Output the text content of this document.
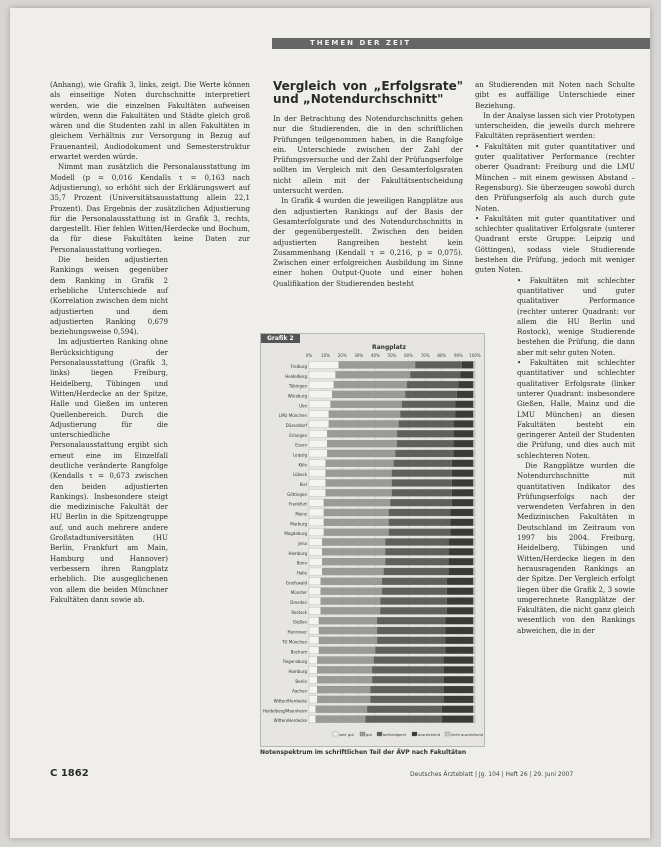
THEMEN DER ZEIT

(Anhang), wie Grafik 3, links, zeigt. Die Werte können als einseitige Noten durchschnitte interpretiert werden, wie die einzelnen Fakultäten aufweisen würden, wenn die Fakultäten und Städte gleich groß wären und die Studenten zahl in allen Fakultäten in gleichem Verhältnis zur Versorgung in Bezug auf Frauenanteil, Audiodokument und Semesterstruktur erwartet werden würde.

Nimmt man zusätzlich die Personalausstattung im Modell (p = 0,016 Kendalls τ = 0,163 nach Adjustierung), so erhöht sich der Erklärungswert auf 35,7 Prozent (Universitätsausstattung allein 22,1 Prozent). Das Ergebnis der zusätzlichen Adjustierung für die Personalausstattung ist in Grafik 3, rechts, dargestellt. Hier fehlen Witten/Herdecke und Bochum, da für diese Fakultäten keine Daten zur Personalausstattung vorliegen.

Die beiden adjustierten Rankings weisen gegenüber dem Ranking in Grafik 2 erhebliche Unterschiede auf (Korrelation zwischen dem nicht adjustierten und dem adjustierten Ranking 0,679 beziehungsweise 0,594).

Im adjustierten Ranking ohne Berücksichtigung der Personalausstattung (Grafik 3, links) liegen Freiburg, Heidelberg, Tübingen und Witten/Herdecke an der Spitze, Halle und Gießen im unteren Quellenbereich. Durch die Adjustierung für die unterschiedliche Personalausstattung ergibt sich erneut eine im Einzelfall deutliche veränderte Rangfolge (Kendalls τ = 0,673 zwischen den beiden adjustierten Rankings). Insbesondere steigt die medizinische Fakultät der HU Berlin in die Spitzengruppe auf, und auch mehrere andere Großstadtuniversitäten (HU Berlin, Frankfurt am Main, Hamburg und Hannover) verbessern ihren Rangplatz erheblich. Die ausgeglichenen von allem die beiden Münchner Fakultäten dann sowie ab.

Vergleich von „Erfolgsrate" und „Notendurchschnitt"

In der Betrachtung des Notendurchschnitts gehen nur die Studierenden, die in den schriftlichen Prüfungen teilgenommen haben, in die Rangfolge ein. Unterschiede zwischen der Zahl der Prüfungsversuche und der Zahl der Prüfungserfolge sollten im Vergleich mit den Gesamterfolgsraten nicht allein mit der Fakultätsentscheidung untersucht werden.

In Grafik 4 wurden die jeweiligen Rangplätze aus den adjustierten Rankings auf der Basis der Gesamterfolgsrate und des Notendurchschnitts in der gegenübergestellt. Zwischen den beiden adjustierten Rangreihen besteht kein Zusammenhang (Kendall τ = 0,216, p = 0,075). Zwischen einer erfolgreichen Ausbildung im Sinne einer hohen Output-Quote und einer hohen Qualifikation der Studierenden besteht

an Studierenden mit Noten nach Schulte gibt es auffällige Unterschiede einer Beziehung.

In der Analyse lassen sich vier Prototypen unterscheiden, die jeweils durch mehrere Fakultäten repräsentiert werden:

• Fakultäten mit guter quantitativer und guter qualitativer Performance (rechter oberer Quadrant: Freiburg und die LMU München – mit einem gewissen Abstand – Regensburg). Sie überzeugen sowohl durch den Prüfungserfolg als auch durch gute Noten.

• Fakultäten mit guter quantitativer und schlechter qualitativer Erfolgsrate (unterer Quadrant erste Gruppe: Leipzig und Göttingen), sodass viele Studierende bestehen die Prüfung, jedoch mit weniger guten Noten.

• Fakultäten mit schlechter quantitativer und guter qualitativer Performance (rechter unterer Quadrant: vor allem die HU Berlin und Rostock), wenige Studierende bestehen die Prüfung, die dann aber mit sehr guten Noten.

• Fakultäten mit schlechter quantitativer und schlechter qualitativer Erfolgsrate (linker unterer Quadrant: insbesondere Gießen, Halle, Mainz und die LMU München) an diesen Fakultäten besteht ein geringerer Anteil der Studenten die Prüfung, und dies auch mit schlechteren Noten.

Die Rangplätze wurden die Notendurchschnitte mit quantitativen Indikator des Prüfungserfolgs nach der verwendeten Verfahren in den Medizinischen Fakultäten in Deutschland im Zeitraum von 1997 bis 2004. Freiburg, Heidelberg, Tübingen und Witten/Herdecke liegen in den herausragenden Rankings an der Spitze. Der Vergleich erfolgt liegen über die Grafik 2, 3 sowie umgerechnete Rangplätze der Fakultäten, die nicht ganz gleich wesentlich von den Rankings abweichen, die in der

Grafik 2
Rangplatz
0% 10% 20% 30% 40% 50% 60% 70% 80% 90% 100%
Freiburg
Heidelberg
Tübingen
Würzburg
Ulm
LMU München
Düsseldorf
Erlangen
Essen
Leipzig
Köln
Lübeck
Kiel
Göttingen
Frankfurt
Mainz
Marburg
Magdeburg
Jena
Hamburg
Bonn
Halle
Greifswald
Münster
Dresden
Rostock
Gießen
Hannover
TU München
Bochum
Regensburg
Homburg
Berlin
Aachen
Witten/Herdecke
Heidelberg/Mannheim
Witten/Herdecke
sehr gut	gut	befriedigend	ausreichend	nicht ausreichend
Notenspektrum im schriftlichen Teil der ÄVP nach Fakultäten
C 1862	Deutsches Ärzteblatt | Jg. 104 | Heft 26 | 29. Juni 2007
